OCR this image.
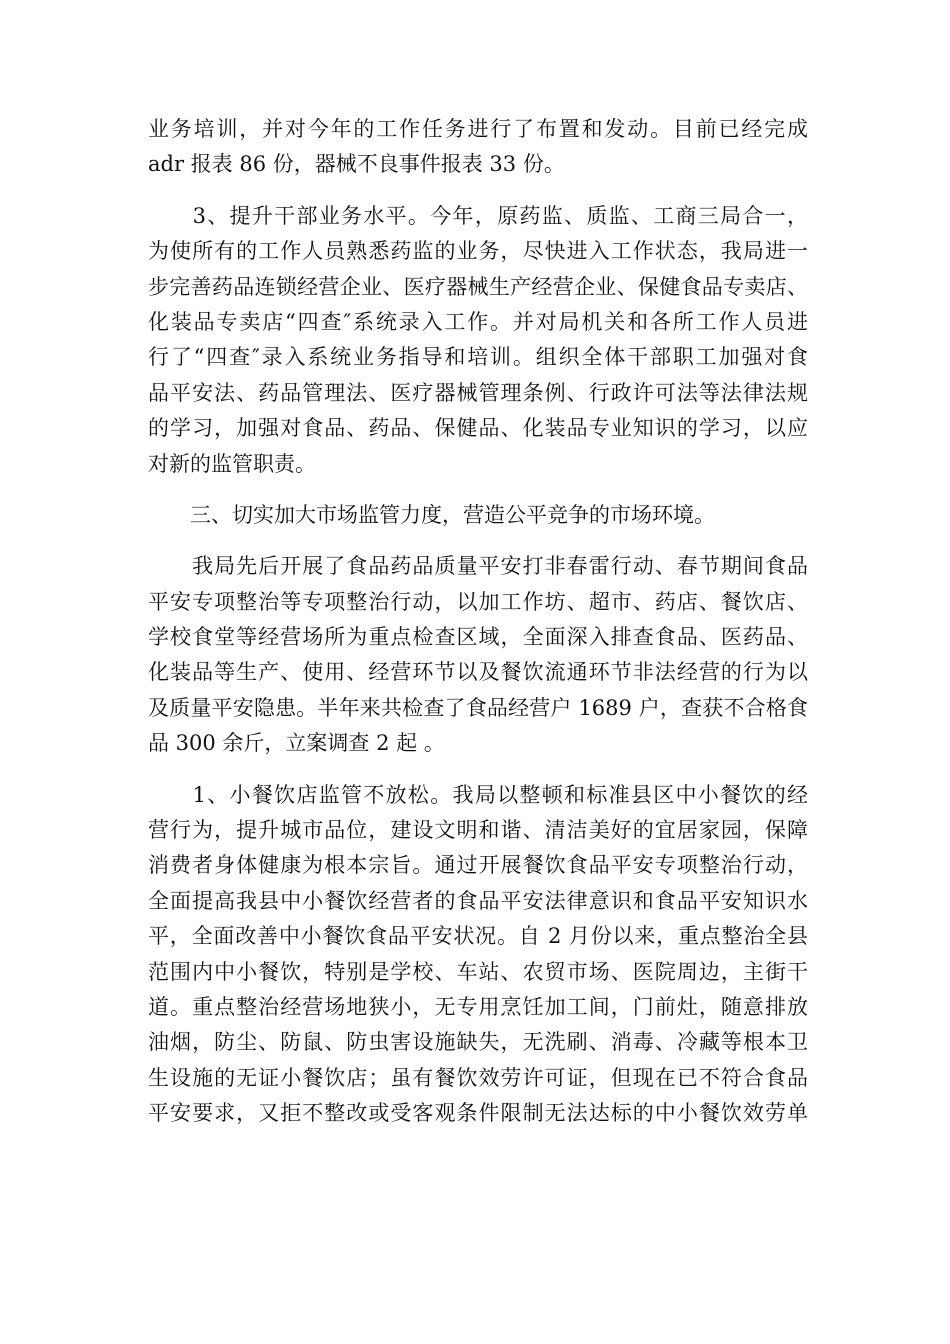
业务培训，并对今年的工作任务进行了布置和发动。目前已经完成
adr 报表 86 份，器械不良事件报表 33 份。
　　3、提升干部业务水平。今年，原药监、质监、工商三局合一，
为使所有的工作人员熟悉药监的业务，尽快进入工作状态，我局进一
步完善药品连锁经营企业、医疗器械生产经营企业、保健食品专卖店、
化装品专卖店“四查″系统录入工作。并对局机关和各所工作人员进
行了“四查″录入系统业务指导和培训。组织全体干部职工加强对食
品平安法、药品管理法、医疗器械管理条例、行政许可法等法律法规
的学习，加强对食品、药品、保健品、化装品专业知识的学习，以应
对新的监管职责。
　　三、切实加大市场监管力度，营造公平竞争的市场环境。
　　我局先后开展了食品药品质量平安打非春雷行动、春节期间食品
平安专项整治等专项整治行动，以加工作坊、超市、药店、餐饮店、
学校食堂等经营场所为重点检查区域，全面深入排查食品、医药品、
化装品等生产、使用、经营环节以及餐饮流通环节非法经营的行为以
及质量平安隐患。半年来共检查了食品经营户 1689 户，查获不合格食
品 300 余斤，立案调查 2 起 。
　　1、小餐饮店监管不放松。我局以整顿和标准县区中小餐饮的经
营行为，提升城市品位，建设文明和谐、清洁美好的宜居家园，保障
消费者身体健康为根本宗旨。通过开展餐饮食品平安专项整治行动，
全面提高我县中小餐饮经营者的食品平安法律意识和食品平安知识水
平，全面改善中小餐饮食品平安状况。自 2 月份以来，重点整治全县
范围内中小餐饮，特别是学校、车站、农贸市场、医院周边，主街干
道。重点整治经营场地狭小，无专用烹饪加工间，门前灶，随意排放
油烟，防尘、防鼠、防虫害设施缺失，无洗刷、消毒、冷藏等根本卫
生设施的无证小餐饮店；虽有餐饮效劳许可证，但现在已不符合食品
平安要求，又拒不整改或受客观条件限制无法达标的中小餐饮效劳单
